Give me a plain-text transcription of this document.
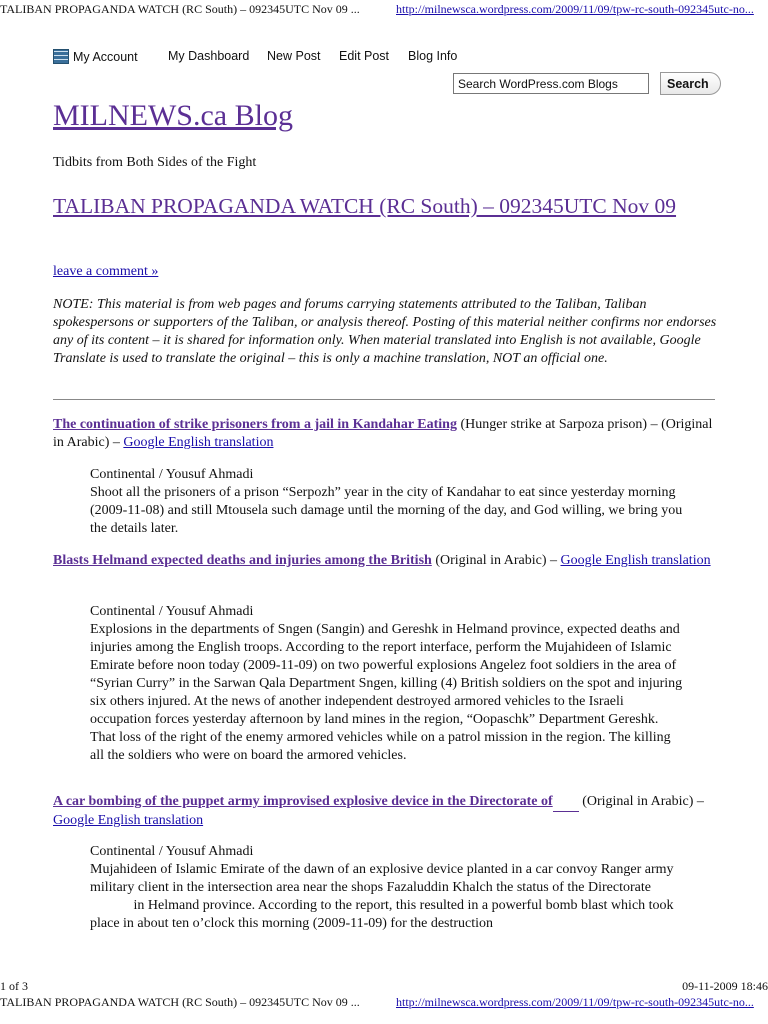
TALIBAN PROPAGANDA WATCH (RC South) – 092345UTC Nov 09 ...	http://milnewsca.wordpress.com/2009/11/09/tpw-rc-south-092345utc-no...
My Account My Dashboard New Post Edit Post Blog Info
Search WordPress.com Blogs	Search
MILNEWS.ca Blog
Tidbits from Both Sides of the Fight
TALIBAN PROPAGANDA WATCH (RC South) – 092345UTC Nov 09
leave a comment »
NOTE: This material is from web pages and forums carrying statements attributed to the Taliban, Taliban spokespersons or supporters of the Taliban, or analysis thereof. Posting of this material neither confirms nor endorses any of its content – it is shared for information only. When material translated into English is not available, Google Translate is used to translate the original – this is only a machine translation, NOT an official one.
The continuation of strike prisoners from a jail in Kandahar Eating (Hunger strike at Sarpoza prison) – (Original in Arabic) – Google English translation
Continental / Yousuf Ahmadi
Shoot all the prisoners of a prison “Serpozh” year in the city of Kandahar to eat since yesterday morning (2009-11-08) and still Mtousela such damage until the morning of the day, and God willing, we bring you the details later.
Blasts Helmand expected deaths and injuries among the British (Original in Arabic) – Google English translation
Continental / Yousuf Ahmadi
Explosions in the departments of Sngen (Sangin) and Gereshk in Helmand province, expected deaths and injuries among the English troops. According to the report interface, perform the Mujahideen of Islamic Emirate before noon today (2009-11-09) on two powerful explosions Angelez foot soldiers in the area of “Syrian Curry” in the Sarwan Qala Department Sngen, killing (4) British soldiers on the spot and injuring six others injured. At the news of another independent destroyed armored vehicles to the Israeli occupation forces yesterday afternoon by land mines in the region, “Oopaschk” Department Gereshk. That loss of the right of the enemy armored vehicles while on a patrol mission in the region. The killing all the soldiers who were on board the armored vehicles.
A car bombing of the puppet army improvised explosive device in the Directorate of  (Original in Arabic) – Google English translation
Continental / Yousuf Ahmadi
Mujahideen of Islamic Emirate of the dawn of an explosive device planted in a car convoy Ranger army military client in the intersection area near the shops Fazaluddin Khalch the status of the Directorate in Helmand province. According to the report, this resulted in a powerful bomb blast which took place in about ten o’clock this morning (2009-11-09) for the destruction
1 of 3	09-11-2009 18:46
TALIBAN PROPAGANDA WATCH (RC South) – 092345UTC Nov 09 ...	http://milnewsca.wordpress.com/2009/11/09/tpw-rc-south-092345utc-no...
